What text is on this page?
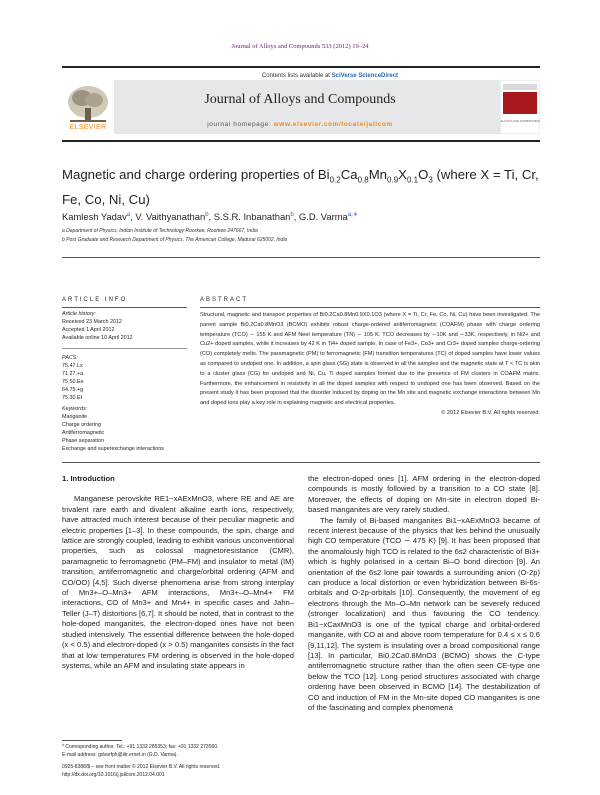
Journal of Alloys and Compounds 533 (2012) 19–24
Contents lists available at SciVerse ScienceDirect
Journal of Alloys and Compounds
journal homepage: www.elsevier.com/locate/jallcom
ELSEVIER
ALLOYS AND COMPOUNDS
Magnetic and charge ordering properties of $Bi_{0.2}Ca_{0.8}Mn_{0.9}X_{0.1}O_3$ (where X = Ti, Cr, Fe, Co, Ni, Cu)
Kamlesh Yadav$^a$, V. Vaithyanathan$^b$, S.S.R. Inbanathan$^b$, G.D. Varma$^{a,∗}$
a Department of Physics, Indian Institute of Technology Roorkee, Roorkee 247667, India
b Post Graduate and Research Department of Physics, The American College, Madurai 625002, India
ARTICLE INFO
Article history:
Received 23 March 2012
Accepted 1 April 2012
Available online 10 April 2012
PACS:
75.47.Lx
71.27.+a
75.50.Ee
64.75.+g
75.30.Et
Keywords:
Manganite
Charge ordering
Antiferromagnetic
Phase separation
Exchange and superexchange interactions
ABSTRACT
Structural, magnetic and transport properties of Bi0.2Ca0.8Mn0.9X0.1O3 (where X = Ti, Cr, Fe, Co, Ni, Cu) have been investigated. The parent sample Bi0.2Ca0.8MnO3 (BCMO) exhibits robust charge-ordered antiferromagnetic (COAFM) phase with charge ordering temperature (TCO) ∼ 155 K and AFM Neel temperature (TN) ∼ 105 K. TCO decreases by ∼10K and ∼33K, respectively, in Ni2+ and Cu2+ doped samples, while it increases by 42 K in Ti4+ doped sample. In case of Fe3+, Co3+ and Cr3+ doped samples charge-ordering (CO) completely melts. The paramagnetic (PM) to ferromagnetic (FM) transition temperatures (TC) of doped samples have lower values as compared to undoped one. In addition, a spin glass (SG) state is observed in all the samples and the magnetic state at T < TC is akin to a cluster glass (CG) for undoped and Ni, Cu, Ti doped samples formed due to the presence of FM clusters in COAFM matrix. Furthermore, the enhancement in resistivity in all the doped samples with respect to undoped one has been observed. Based on the present study it has been proposed that the disorder induced by doping on the Mn site and magnetic exchange interactions between Mn and doped ions play a key role in explaining magnetic and electrical properties.
© 2012 Elsevier B.V. All rights reserved.

1. Introduction

Manganese perovskite RE1−xAExMnO3, where RE and AE are trivalent rare earth and divalent alkaline earth ions, respectively, have attracted much interest because of their peculiar magnetic and electric properties [1–3]. In these compounds, the spin, charge and lattice are strongly coupled, leading to exhibit various unconventional properties, such as colossal magnetoresistance (CMR), paramagnetic to ferromagnetic (PM–FM) and insulator to metal (IM) transition, antiferromagnetic and charge/orbital ordering (AFM and CO/OO) [4,5]. Such diverse phenomena arise from strong interplay of Mn3+–O–Mn3+ AFM interactions, Mn3+–O–Mn4+ FM interactions, CO of Mn3+ and Mn4+ in specific cases and Jahn–Teller (J–T) distortions [6,7]. It should be noted, that in contrast to the hole-doped manganites, the electron-doped ones have not been studied intensively. The essential difference between the hole-doped (x < 0.5) and electron-doped (x > 0.5) manganites consists in the fact that at low temperatures FM ordering is observed in the hole-doped systems, while an AFM and insulating state appears in

the electron-doped ones [1]. AFM ordering in the electron-doped compounds is mostly followed by a transition to a CO state [8]. Moreover, the effects of doping on Mn-site in electron doped Bi-based manganites are very rarely studied.

The family of Bi-based manganites Bi1−xAExMnO3 became of recent interest because of the physics that lies behind the unusually high CO temperature (TCO ∼ 475 K) [9]. It has been proposed that the anomalously high TCO is related to the 6s2 characteristic of Bi3+ which is highly polarised in a certain Bi–O bond direction [9]. An orientation of the 6s2 lone pair towards a surrounding anion (O-2p) can produce a local distortion or even hybridization between Bi-6s-orbitals and O-2p-orbitals [10]. Consequently, the movement of eg electrons through the Mn–O–Mn network can be severely reduced (stronger localization) and thus favouring the CO tendency. Bi1−xCaxMnO3 is one of the typical charge and orbital-ordered manganite, with CO at and above room temperature for 0.4 ≤ x ≤ 0.6 [9,11,12]. The system is insulating over a broad compositional range [13]. In particular, Bi0.2Ca0.8MnO3 (BCMO) shows the C-type antiferromagnetic structure rather than the often seen CE-type one below the TCO [12]. Long period structures associated with charge ordering have been observed in BCMO [14]. The destabilization of CO and induction of FM in the Mn-site doped CO manganites is one of the fascinating and complex phenomena

* Corresponding author. Tel.: +91 1332 285353; fax: +91 1332 273560.
E-mail address: gdvarfph@iitr.ernet.in (G.D. Varma).
0925-8388/$ – see front matter © 2012 Elsevier B.V. All rights reserved.
http://dx.doi.org/10.1016/j.jallcom.2012.04.001
